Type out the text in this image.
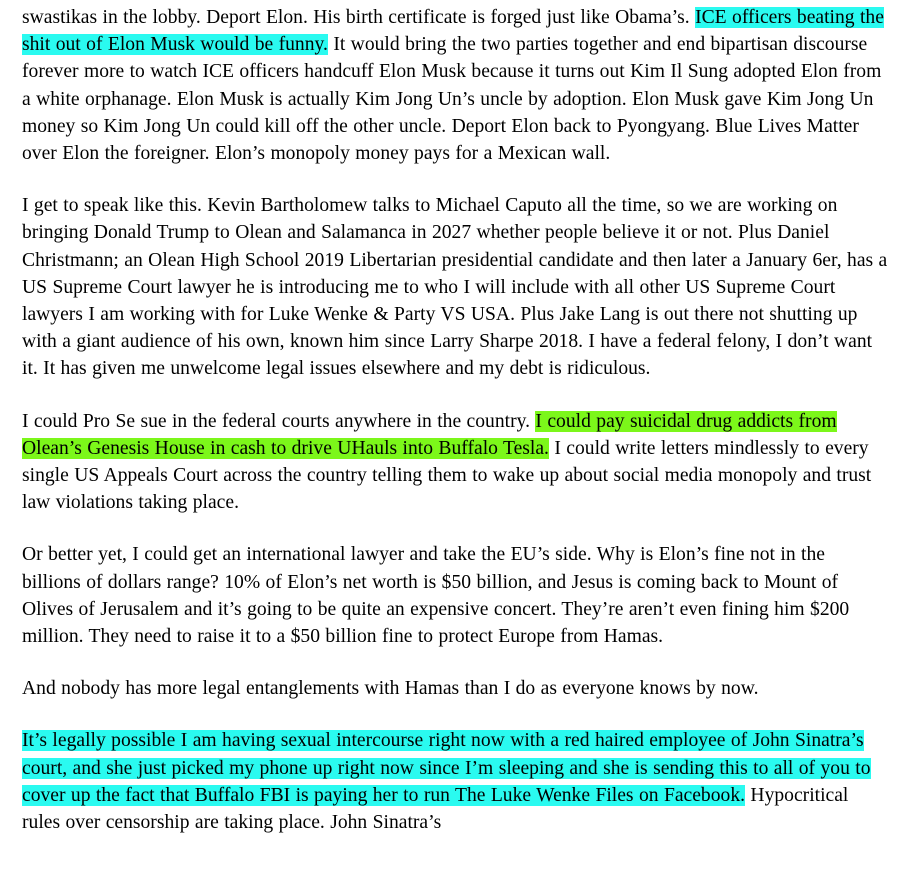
swastikas in the lobby. Deport Elon. His birth certificate is forged just like Obama’s. ICE officers beating the shit out of Elon Musk would be funny. It would bring the two parties together and end bipartisan discourse forever more to watch ICE officers handcuff Elon Musk because it turns out Kim Il Sung adopted Elon from a white orphanage. Elon Musk is actually Kim Jong Un’s uncle by adoption. Elon Musk gave Kim Jong Un money so Kim Jong Un could kill off the other uncle. Deport Elon back to Pyongyang. Blue Lives Matter over Elon the foreigner. Elon’s monopoly money pays for a Mexican wall.

I get to speak like this. Kevin Bartholomew talks to Michael Caputo all the time, so we are working on bringing Donald Trump to Olean and Salamanca in 2027 whether people believe it or not. Plus Daniel Christmann; an Olean High School 2019 Libertarian presidential candidate and then later a January 6er, has a US Supreme Court lawyer he is introducing me to who I will include with all other US Supreme Court lawyers I am working with for Luke Wenke & Party VS USA. Plus Jake Lang is out there not shutting up with a giant audience of his own, known him since Larry Sharpe 2018. I have a federal felony, I don’t want it. It has given me unwelcome legal issues elsewhere and my debt is ridiculous.

I could Pro Se sue in the federal courts anywhere in the country. I could pay suicidal drug addicts from Olean’s Genesis House in cash to drive UHauls into Buffalo Tesla. I could write letters mindlessly to every single US Appeals Court across the country telling them to wake up about social media monopoly and trust law violations taking place.

Or better yet, I could get an international lawyer and take the EU’s side. Why is Elon’s fine not in the billions of dollars range? 10% of Elon’s net worth is $50 billion, and Jesus is coming back to Mount of Olives of Jerusalem and it’s going to be quite an expensive concert. They’re aren’t even fining him $200 million. They need to raise it to a $50 billion fine to protect Europe from Hamas.

And nobody has more legal entanglements with Hamas than I do as everyone knows by now.

It’s legally possible I am having sexual intercourse right now with a red haired employee of John Sinatra’s court, and she just picked my phone up right now since I’m sleeping and she is sending this to all of you to cover up the fact that Buffalo FBI is paying her to run The Luke Wenke Files on Facebook. Hypocritical rules over censorship are taking place. John Sinatra’s
